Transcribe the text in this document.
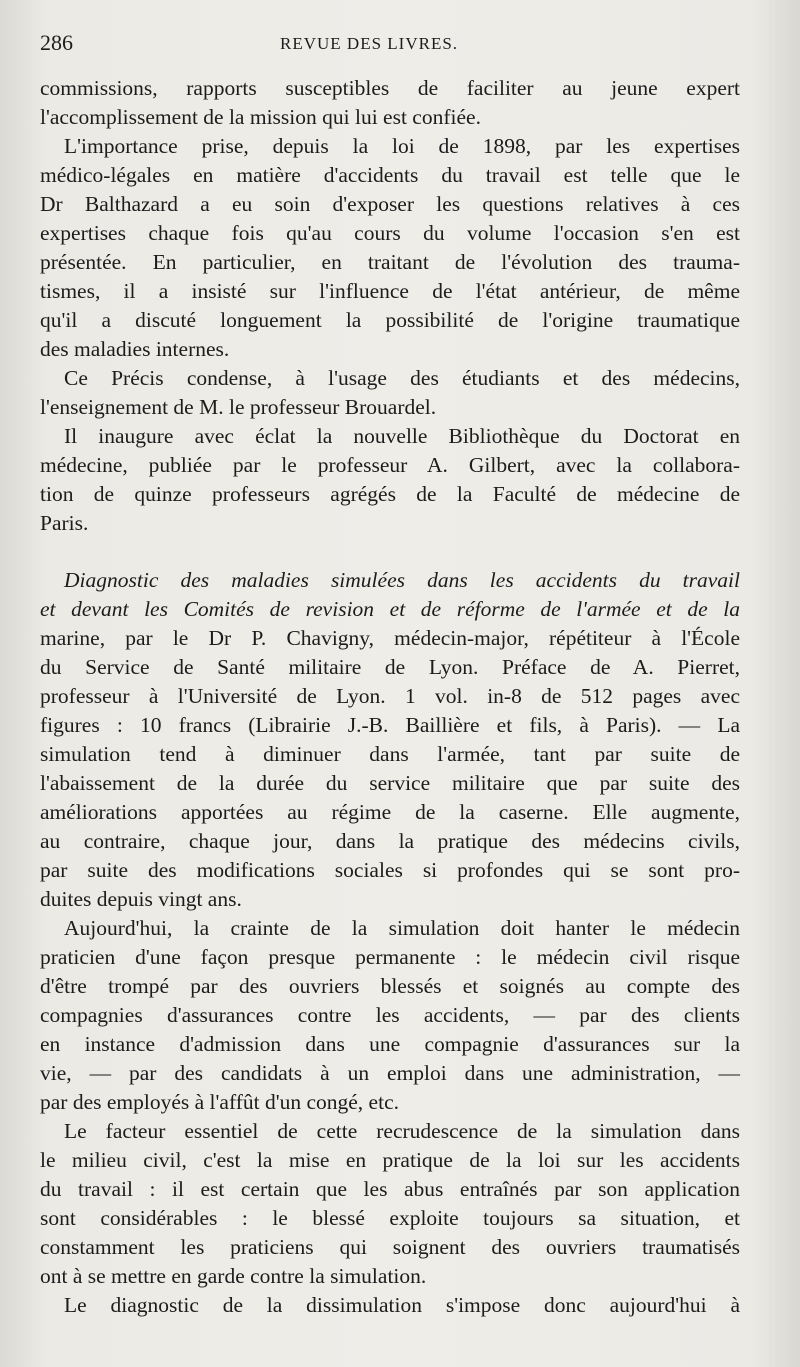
286	REVUE DES LIVRES.
commissions, rapports susceptibles de faciliter au jeune expert
l'accomplissement de la mission qui lui est confiée.
L'importance prise, depuis la loi de 1898, par les expertises
médico-légales en matière d'accidents du travail est telle que le
Dr Balthazard a eu soin d'exposer les questions relatives à ces
expertises chaque fois qu'au cours du volume l'occasion s'en est
présentée. En particulier, en traitant de l'évolution des trauma-
tismes, il a insisté sur l'influence de l'état antérieur, de même
qu'il a discuté longuement la possibilité de l'origine traumatique
des maladies internes.
Ce Précis condense, à l'usage des étudiants et des médecins,
l'enseignement de M. le professeur Brouardel.
Il inaugure avec éclat la nouvelle Bibliothèque du Doctorat en
médecine, publiée par le professeur A. Gilbert, avec la collabora-
tion de quinze professeurs agrégés de la Faculté de médecine de
Paris.
Diagnostic des maladies simulées dans les accidents du travail
et devant les Comités de revision et de réforme de l'armée et de la
marine, par le Dr P. Chavigny, médecin-major, répétiteur à l'École
du Service de Santé militaire de Lyon. Préface de A. Pierret,
professeur à l'Université de Lyon. 1 vol. in-8 de 512 pages avec
figures : 10 francs (Librairie J.-B. Baillière et fils, à Paris). — La
simulation tend à diminuer dans l'armée, tant par suite de
l'abaissement de la durée du service militaire que par suite des
améliorations apportées au régime de la caserne. Elle augmente,
au contraire, chaque jour, dans la pratique des médecins civils,
par suite des modifications sociales si profondes qui se sont pro-
duites depuis vingt ans.
Aujourd'hui, la crainte de la simulation doit hanter le médecin
praticien d'une façon presque permanente : le médecin civil risque
d'être trompé par des ouvriers blessés et soignés au compte des
compagnies d'assurances contre les accidents, — par des clients
en instance d'admission dans une compagnie d'assurances sur la
vie, — par des candidats à un emploi dans une administration, —
par des employés à l'affût d'un congé, etc.
Le facteur essentiel de cette recrudescence de la simulation dans
le milieu civil, c'est la mise en pratique de la loi sur les accidents
du travail : il est certain que les abus entraînés par son application
sont considérables : le blessé exploite toujours sa situation, et
constamment les praticiens qui soignent des ouvriers traumatisés
ont à se mettre en garde contre la simulation.
Le diagnostic de la dissimulation s'impose donc aujourd'hui à
